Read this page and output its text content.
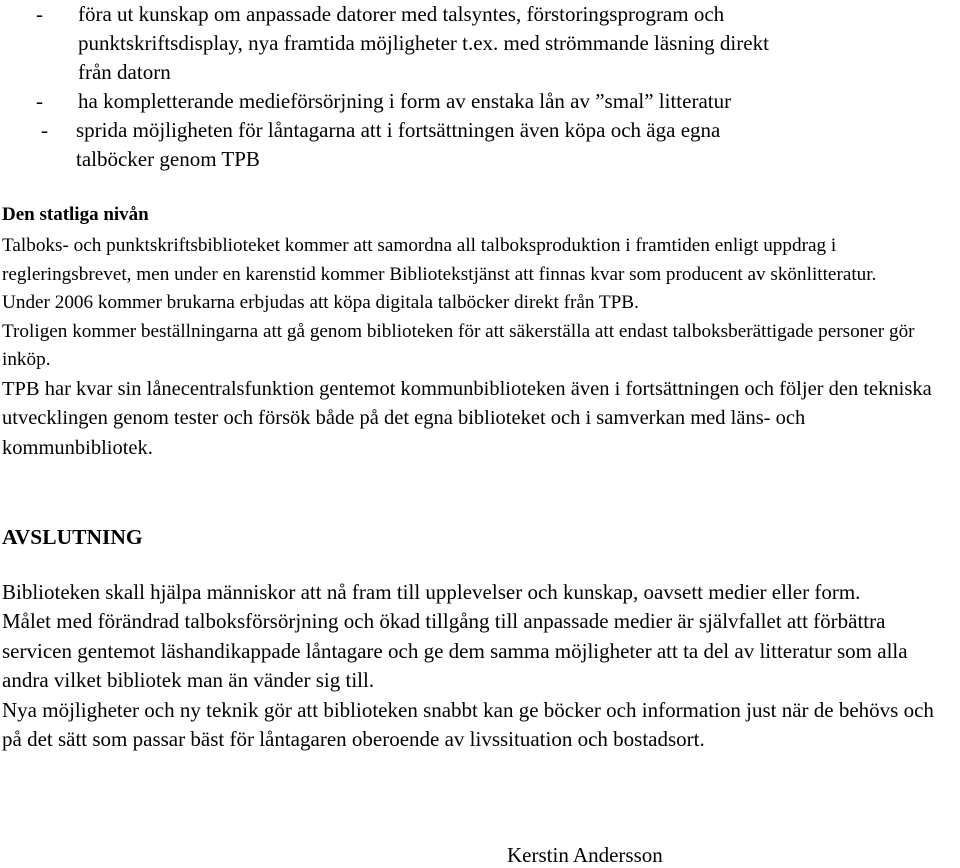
- föra ut kunskap om anpassade datorer med talsyntes, förstoringsprogram och
punktskriftsdisplay, nya framtida möjligheter t.ex. med strömmande läsning direkt
från datorn
- ha kompletterande medieförsörjning i form av enstaka lån av ”smal” litteratur
- sprida möjligheten för låntagarna att i fortsättningen även köpa och äga egna
talböcker genom TPB
Den statliga nivån

Talboks- och punktskriftsbiblioteket kommer att samordna all talboksproduktion i framtiden enligt uppdrag i regleringsbrevet, men under en karenstid kommer Bibliotekstjänst att finnas kvar som producent av skönlitteratur.

Under 2006 kommer brukarna erbjudas att köpa digitala talböcker direkt från TPB.

Troligen kommer beställningarna att gå genom biblioteken för att säkerställa att endast talboksberättigade personer gör inköp.

TPB har kvar sin lånecentralsfunktion gentemot kommunbiblioteken även i fortsättningen och följer den tekniska utvecklingen genom tester och försök både på det egna biblioteket och i samverkan med läns- och kommunbibliotek.

AVSLUTNING

Biblioteken skall hjälpa människor att nå fram till upplevelser och kunskap, oavsett medier eller form.

Målet med förändrad talboksförsörjning och ökad tillgång till anpassade medier är självfallet att förbättra servicen gentemot läshandikappade låntagare och ge dem samma möjligheter att ta del av litteratur som alla andra vilket bibliotek man än vänder sig till.

Nya möjligheter och ny teknik gör att biblioteken snabbt kan ge böcker och information just när de behövs och på det sätt som passar bäst för låntagaren oberoende av livssituation och bostadsort.

Kerstin Andersson
